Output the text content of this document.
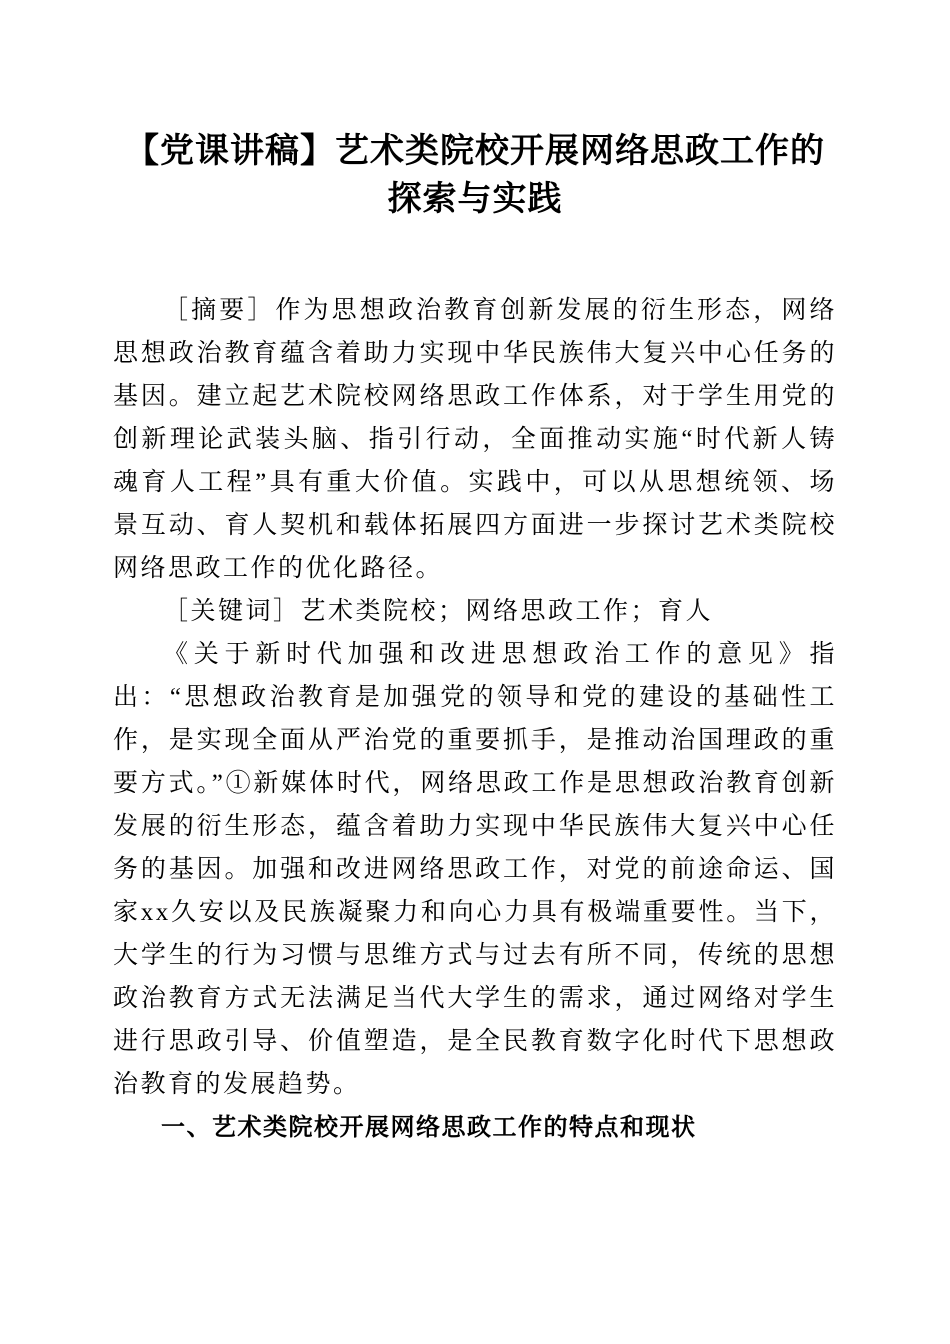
【党课讲稿】艺术类院校开展网络思政工作的
探索与实践

［摘要］作为思想政治教育创新发展的衍生形态，网络思想政治教育蕴含着助力实现中华民族伟大复兴中心任务的基因。建立起艺术院校网络思政工作体系，对于学生用党的创新理论武装头脑、指引行动，全面推动实施“时代新人铸魂育人工程”具有重大价值。实践中，可以从思想统领、场景互动、育人契机和载体拓展四方面进一步探讨艺术类院校网络思政工作的优化路径。

［关键词］艺术类院校；网络思政工作；育人

《关于新时代加强和改进思想政治工作的意见》指出：“思想政治教育是加强党的领导和党的建设的基础性工作，是实现全面从严治党的重要抓手，是推动治国理政的重要方式。”①新媒体时代，网络思政工作是思想政治教育创新发展的衍生形态，蕴含着助力实现中华民族伟大复兴中心任务的基因。加强和改进网络思政工作，对党的前途命运、国家xx久安以及民族凝聚力和向心力具有极端重要性。当下，大学生的行为习惯与思维方式与过去有所不同，传统的思想政治教育方式无法满足当代大学生的需求，通过网络对学生进行思政引导、价值塑造，是全民教育数字化时代下思想政治教育的发展趋势。

一、艺术类院校开展网络思政工作的特点和现状
